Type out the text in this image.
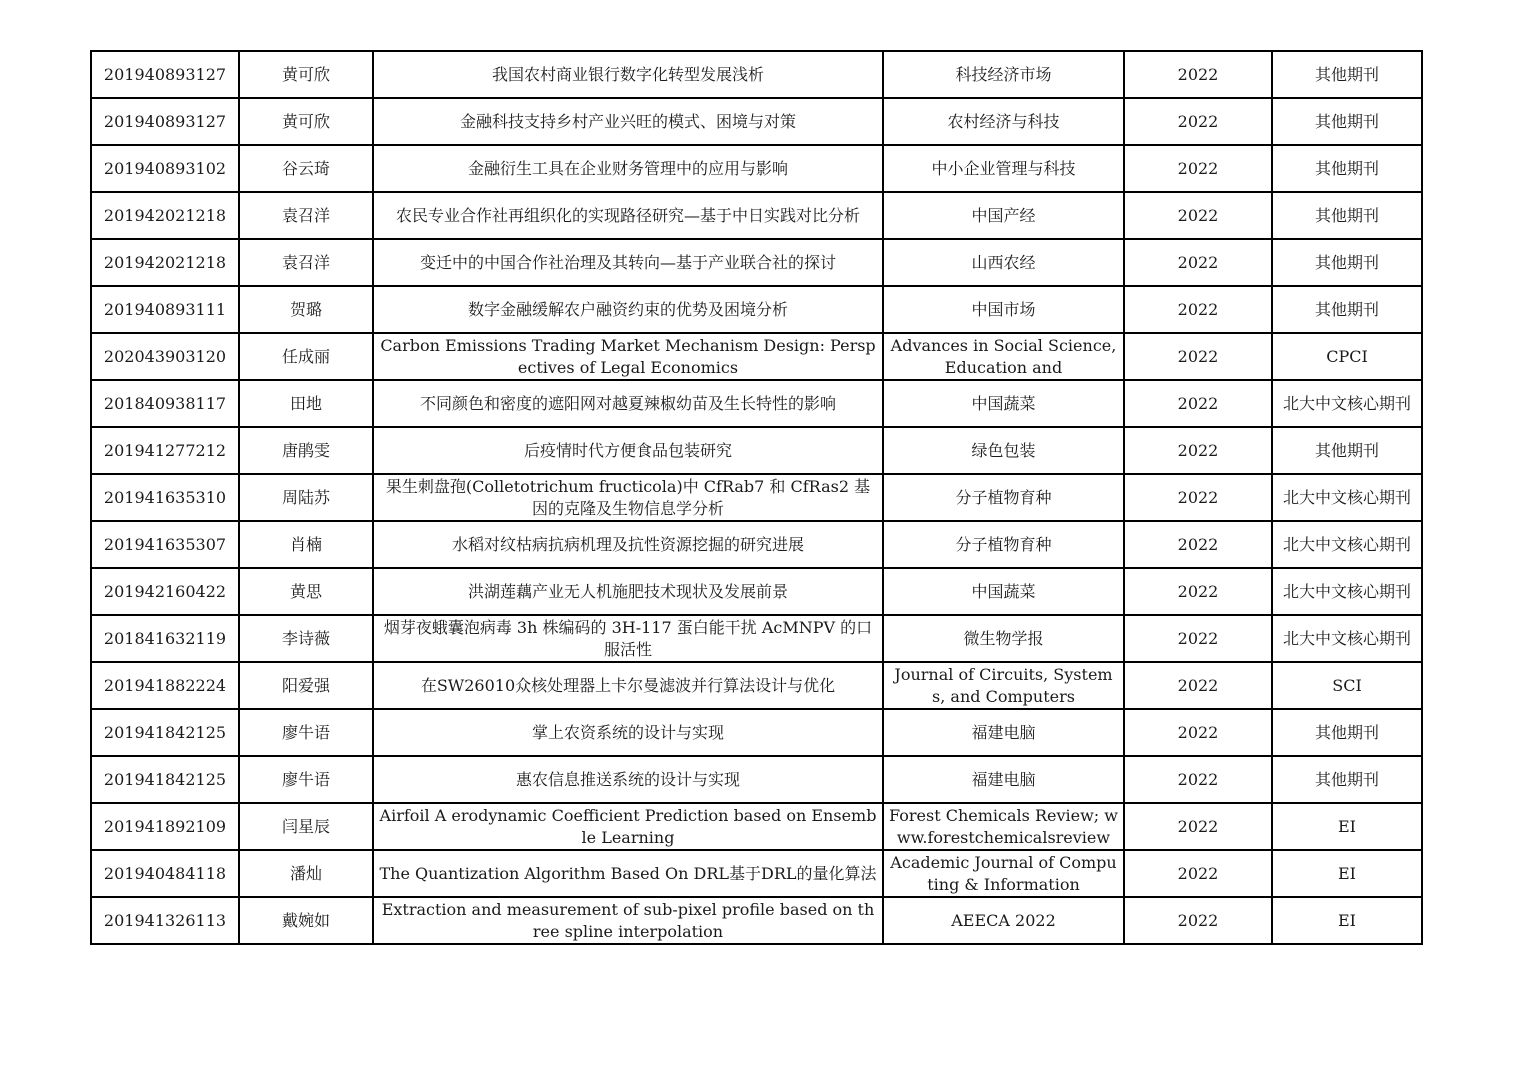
201940893127	黄可欣	我国农村商业银行数字化转型发展浅析	科技经济市场	2022	其他期刊

201940893127	黄可欣	金融科技支持乡村产业兴旺的模式、困境与对策	农村经济与科技	2022	其他期刊

201940893102	谷云琦	金融衍生工具在企业财务管理中的应用与影响	中小企业管理与科技	2022	其他期刊

201942021218	袁召洋	农民专业合作社再组织化的实现路径研究—基于中日实践对比分析	中国产经	2022	其他期刊

201942021218	袁召洋	变迁中的中国合作社治理及其转向—基于产业联合社的探讨	山西农经	2022	其他期刊

201940893111	贺璐	数字金融缓解农户融资约束的优势及困境分析	中国市场	2022	其他期刊

202043903120	任成丽	Carbon Emissions Trading Market Mechanism Design: Perspectives of Legal Economics	Advances in Social Science, Education and	2022	CPCI

201840938117	田地	不同颜色和密度的遮阳网对越夏辣椒幼苗及生长特性的影响	中国蔬菜	2022	北大中文核心期刊

201941277212	唐鹃雯	后疫情时代方便食品包装研究	绿色包装	2022	其他期刊

201941635310	周陆苏	果生刺盘孢(Colletotrichum fructicola)中 CfRab7 和 CfRas2 基因的克隆及生物信息学分析	分子植物育种	2022	北大中文核心期刊

201941635307	肖楠	水稻对纹枯病抗病机理及抗性资源挖掘的研究进展	分子植物育种	2022	北大中文核心期刊

201942160422	黄思	洪湖莲藕产业无人机施肥技术现状及发展前景	中国蔬菜	2022	北大中文核心期刊

201841632119	李诗薇	烟芽夜蛾囊泡病毒 3h 株编码的 3H-117 蛋白能干扰 AcMNPV 的口服活性	微生物学报	2022	北大中文核心期刊

201941882224	阳爱强	在SW26010众核处理器上卡尔曼滤波并行算法设计与优化	Journal of Circuits, Systems, and Computers	2022	SCI

201941842125	廖牛语	掌上农资系统的设计与实现	福建电脑	2022	其他期刊

201941842125	廖牛语	惠农信息推送系统的设计与实现	福建电脑	2022	其他期刊

201941892109	闫星辰	Airfoil A erodynamic Coefficient Prediction based on Ensemble Learning	Forest Chemicals Review; www.forestchemicalsreview	2022	EI

201940484118	潘灿	The Quantization Algorithm Based On DRL基于DRL的量化算法	Academic Journal of Computing & Information	2022	EI

201941326113	戴婉如	Extraction and measurement of sub-pixel profile based on three spline interpolation	AEECA 2022	2022	EI
